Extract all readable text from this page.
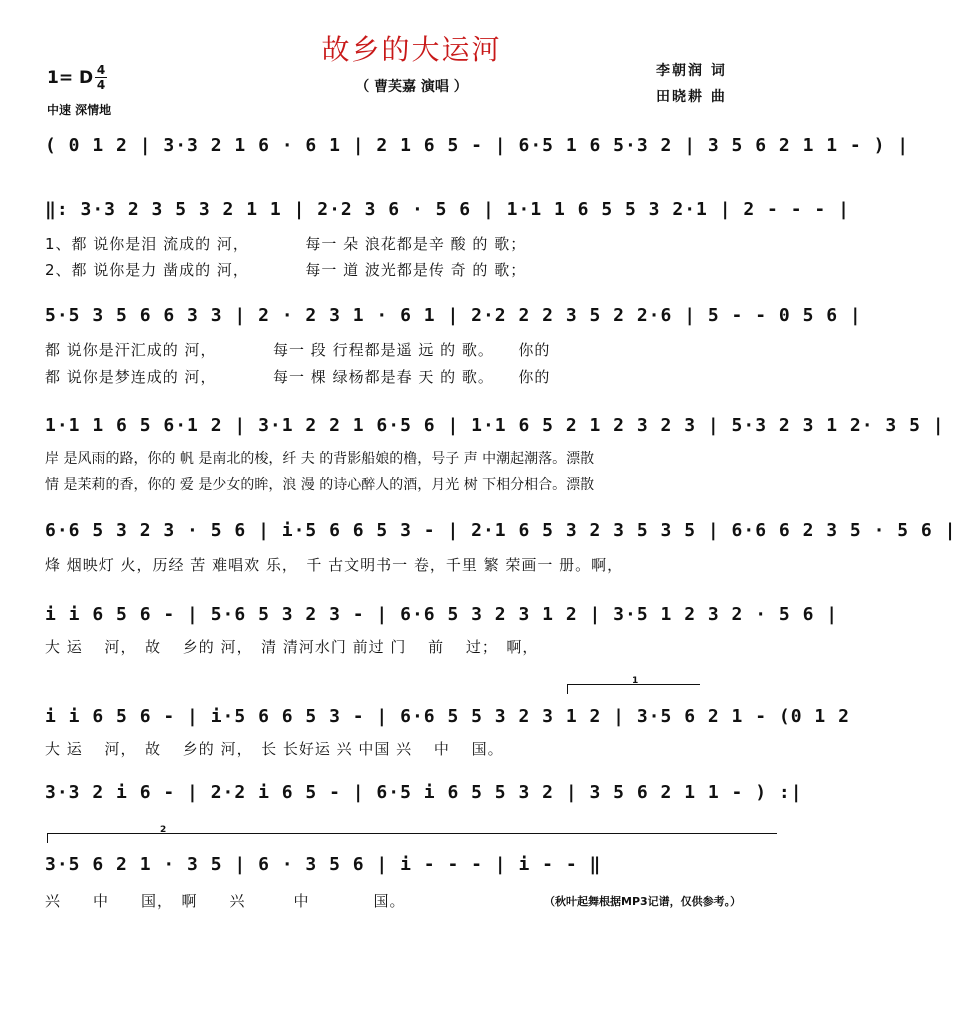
故乡的大运河
（ 曹芙嘉 演唱 ）
李朝润 词
田晓耕 曲
1= D 4
4
中速 深情地
( 0 1 2 | 3·3 2 1 6 · 6 1 | 2 1 6 5 - | 6·5 1 6 5·3 2 | 3 5 6 2 1 1 - ) |
‖: 3·3 2 3 5 3 2 1 1 | 2·2 3 6 · 5 6 | 1·1 1 6 5 5 3 2·1 | 2 - - - |
1、都 说你是泪 流成的 河，　　　　每一 朵 浪花都是辛 酸 的 歌；
2、都 说你是力 凿成的 河，　　　　每一 道 波光都是传 奇 的 歌；
5·5 3 5 6 6 3 3 | 2 · 2 3 1 · 6 1 | 2·2 2 2 3 5 2 2·6 | 5 - - 0 5 6 |
都 说你是汗汇成的 河，　　　　每一 段 行程都是遥 远 的 歌。　　你的
都 说你是梦连成的 河，　　　　每一 棵 绿杨都是春 天 的 歌。　　你的
1·1 1 6 5 6·1 2 | 3·1 2 2 1 6·5 6 | 1·1 6 5 2 1 2 3 2 3 | 5·3 2 3 1 2· 3 5 |
岸 是风雨的路，你的 帆 是南北的梭，纤 夫 的背影船娘的橹，号子 声 中潮起潮落。漂散
情 是茉莉的香，你的 爱 是少女的眸，浪 漫 的诗心醉人的酒，月光 树 下相分相合。漂散
6·6 5 3 2 3 · 5 6 | i·5 6 6 5 3 - | 2·1 6 5 3 2 3 5 3 5 | 6·6 6 2 3 5 · 5 6 |
烽 烟映灯 火，历经 苦 难唱欢 乐，　千 古文明书一 卷，千里 繁 荣画一 册。啊，
i i 6 5 6 - | 5·6 5 3 2 3 - | 6·6 5 3 2 3 1 2 | 3·5 1 2 3 2 · 5 6 |
大 运　 河，　故 　乡的 河，　清 清河水门 前过 门　 前　 过；　啊，
1
i i 6 5 6 - | i·5 6 6 5 3 - | 6·6 5 5 3 2 3 1 2 | 3·5 6 2 1 - (0 1 2
大 运　 河，　故 　乡的 河，　长 长好运 兴 中国 兴　 中　 国。
3·3 2 i 6 - | 2·2 i 6 5 - | 6·5 i 6 5 5 3 2 | 3 5 6 2 1 1 - ) :|
2
3·5 6 2 1 · 3 5 | 6 · 3 5 6 | i - - - | i - - ‖
兴　　中　　国，　啊　　兴　　　中　　　　国。	（秋叶起舞根据MP3记谱，仅供参考。）
